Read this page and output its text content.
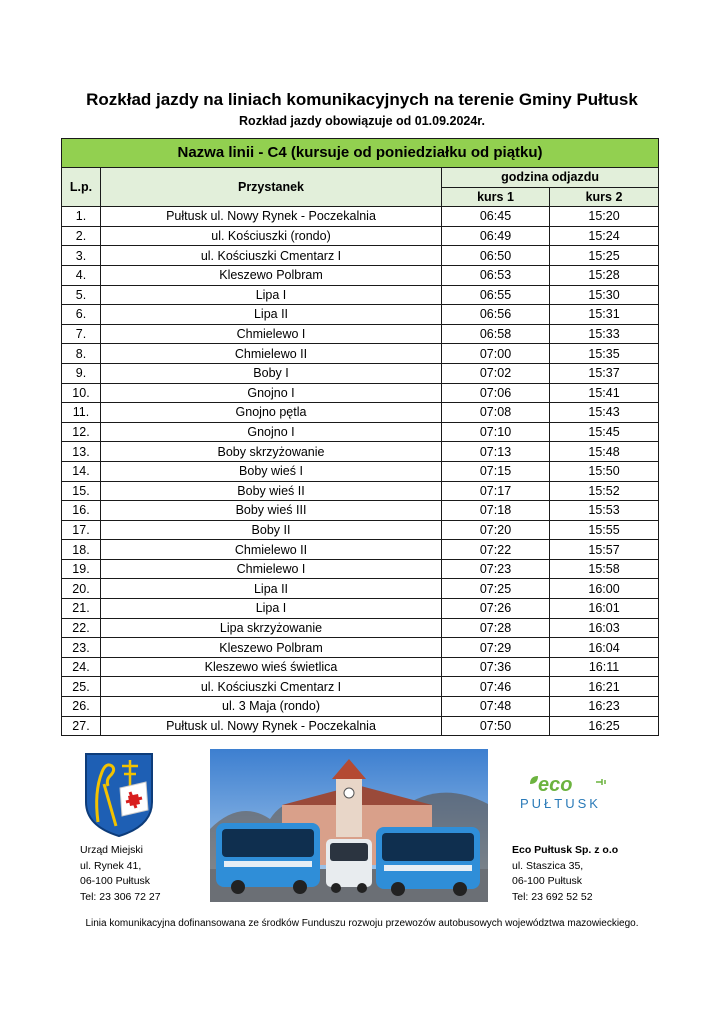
Rozkład jazdy na liniach komunikacyjnych na terenie Gminy Pułtusk
Rozkład jazdy obowiązuje od 01.09.2024r.
Nazwa linii - C4 (kursuje od poniedziałku od piątku)			
L.p.	Przystanek	godzina odjazdu	
		kurs 1	kurs 2
1.	Pułtusk ul. Nowy Rynek - Poczekalnia	06:45	15:20
2.	ul. Kościuszki (rondo)	06:49	15:24
3.	ul. Kościuszki Cmentarz I	06:50	15:25
4.	Kleszewo Polbram	06:53	15:28
5.	Lipa I	06:55	15:30
6.	Lipa II	06:56	15:31
7.	Chmielewo I	06:58	15:33
8.	Chmielewo II	07:00	15:35
9.	Boby I	07:02	15:37
10.	Gnojno I	07:06	15:41
11.	Gnojno pętla	07:08	15:43
12.	Gnojno I	07:10	15:45
13.	Boby skrzyżowanie	07:13	15:48
14.	Boby wieś I	07:15	15:50
15.	Boby wieś II	07:17	15:52
16.	Boby wieś III	07:18	15:53
17.	Boby II	07:20	15:55
18.	Chmielewo II	07:22	15:57
19.	Chmielewo I	07:23	15:58
20.	Lipa II	07:25	16:00
21.	Lipa I	07:26	16:01
22.	Lipa skrzyżowanie	07:28	16:03
23.	Kleszewo Polbram	07:29	16:04
24.	Kleszewo wieś świetlica	07:36	16:11
25.	ul. Kościuszki Cmentarz I	07:46	16:21
26.	ul. 3 Maja (rondo)	07:48	16:23
27.	Pułtusk ul. Nowy Rynek - Poczekalnia	07:50	16:25
eco
PUŁTUSK
Urząd Miejski
ul. Rynek 41,
06-100 Pułtusk
Tel: 23 306 72 27
Eco Pułtusk Sp. z o.o
ul. Staszica 35,
06-100 Pułtusk
Tel: 23 692 52 52
Linia komunikacyjna dofinansowana ze środków Funduszu rozwoju przewozów autobusowych województwa mazowieckiego.
